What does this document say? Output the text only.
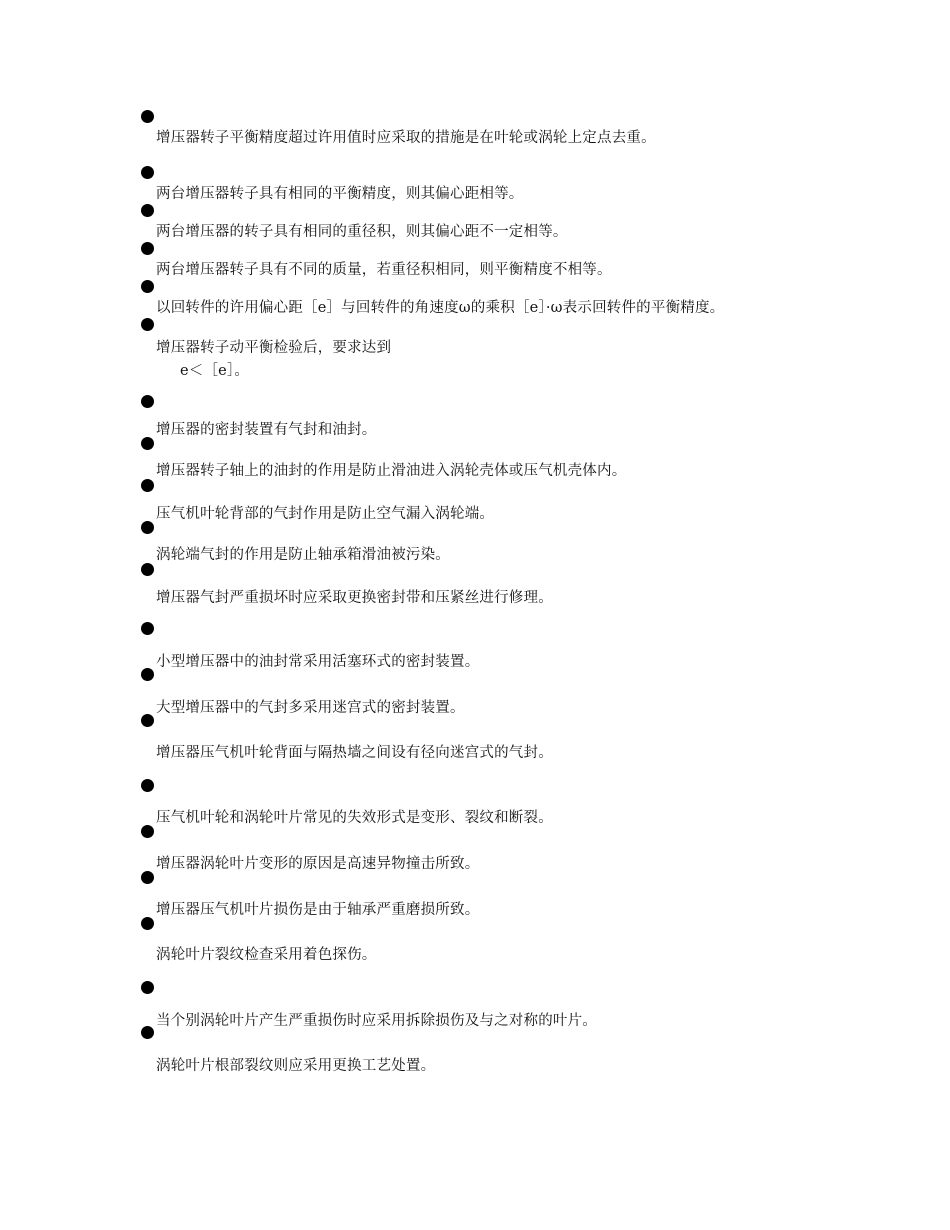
增压器转子平衡精度超过许用值时应采取的措施是在叶轮或涡轮上定点去重。
两台增压器转子具有相同的平衡精度，则其偏心距相等。
两台增压器的转子具有相同的重径积，则其偏心距不一定相等。
两台增压器转子具有不同的质量，若重径积相同，则平衡精度不相等。
以回转件的许用偏心距［e］与回转件的角速度ω的乘积［e］·ω表示回转件的平衡精度。
增压器转子动平衡检验后，要求达到
e＜［e］。
增压器的密封装置有气封和油封。
增压器转子轴上的油封的作用是防止滑油进入涡轮壳体或压气机壳体内。
压气机叶轮背部的气封作用是防止空气漏入涡轮端。
涡轮端气封的作用是防止轴承箱滑油被污染。
增压器气封严重损坏时应采取更换密封带和压紧丝进行修理。
小型增压器中的油封常采用活塞环式的密封装置。
大型增压器中的气封多采用迷宫式的密封装置。
增压器压气机叶轮背面与隔热墙之间设有径向迷宫式的气封。
压气机叶轮和涡轮叶片常见的失效形式是变形、裂纹和断裂。
增压器涡轮叶片变形的原因是高速异物撞击所致。
增压器压气机叶片损伤是由于轴承严重磨损所致。
涡轮叶片裂纹检查采用着色探伤。
当个别涡轮叶片产生严重损伤时应采用拆除损伤及与之对称的叶片。
涡轮叶片根部裂纹则应采用更换工艺处置。
